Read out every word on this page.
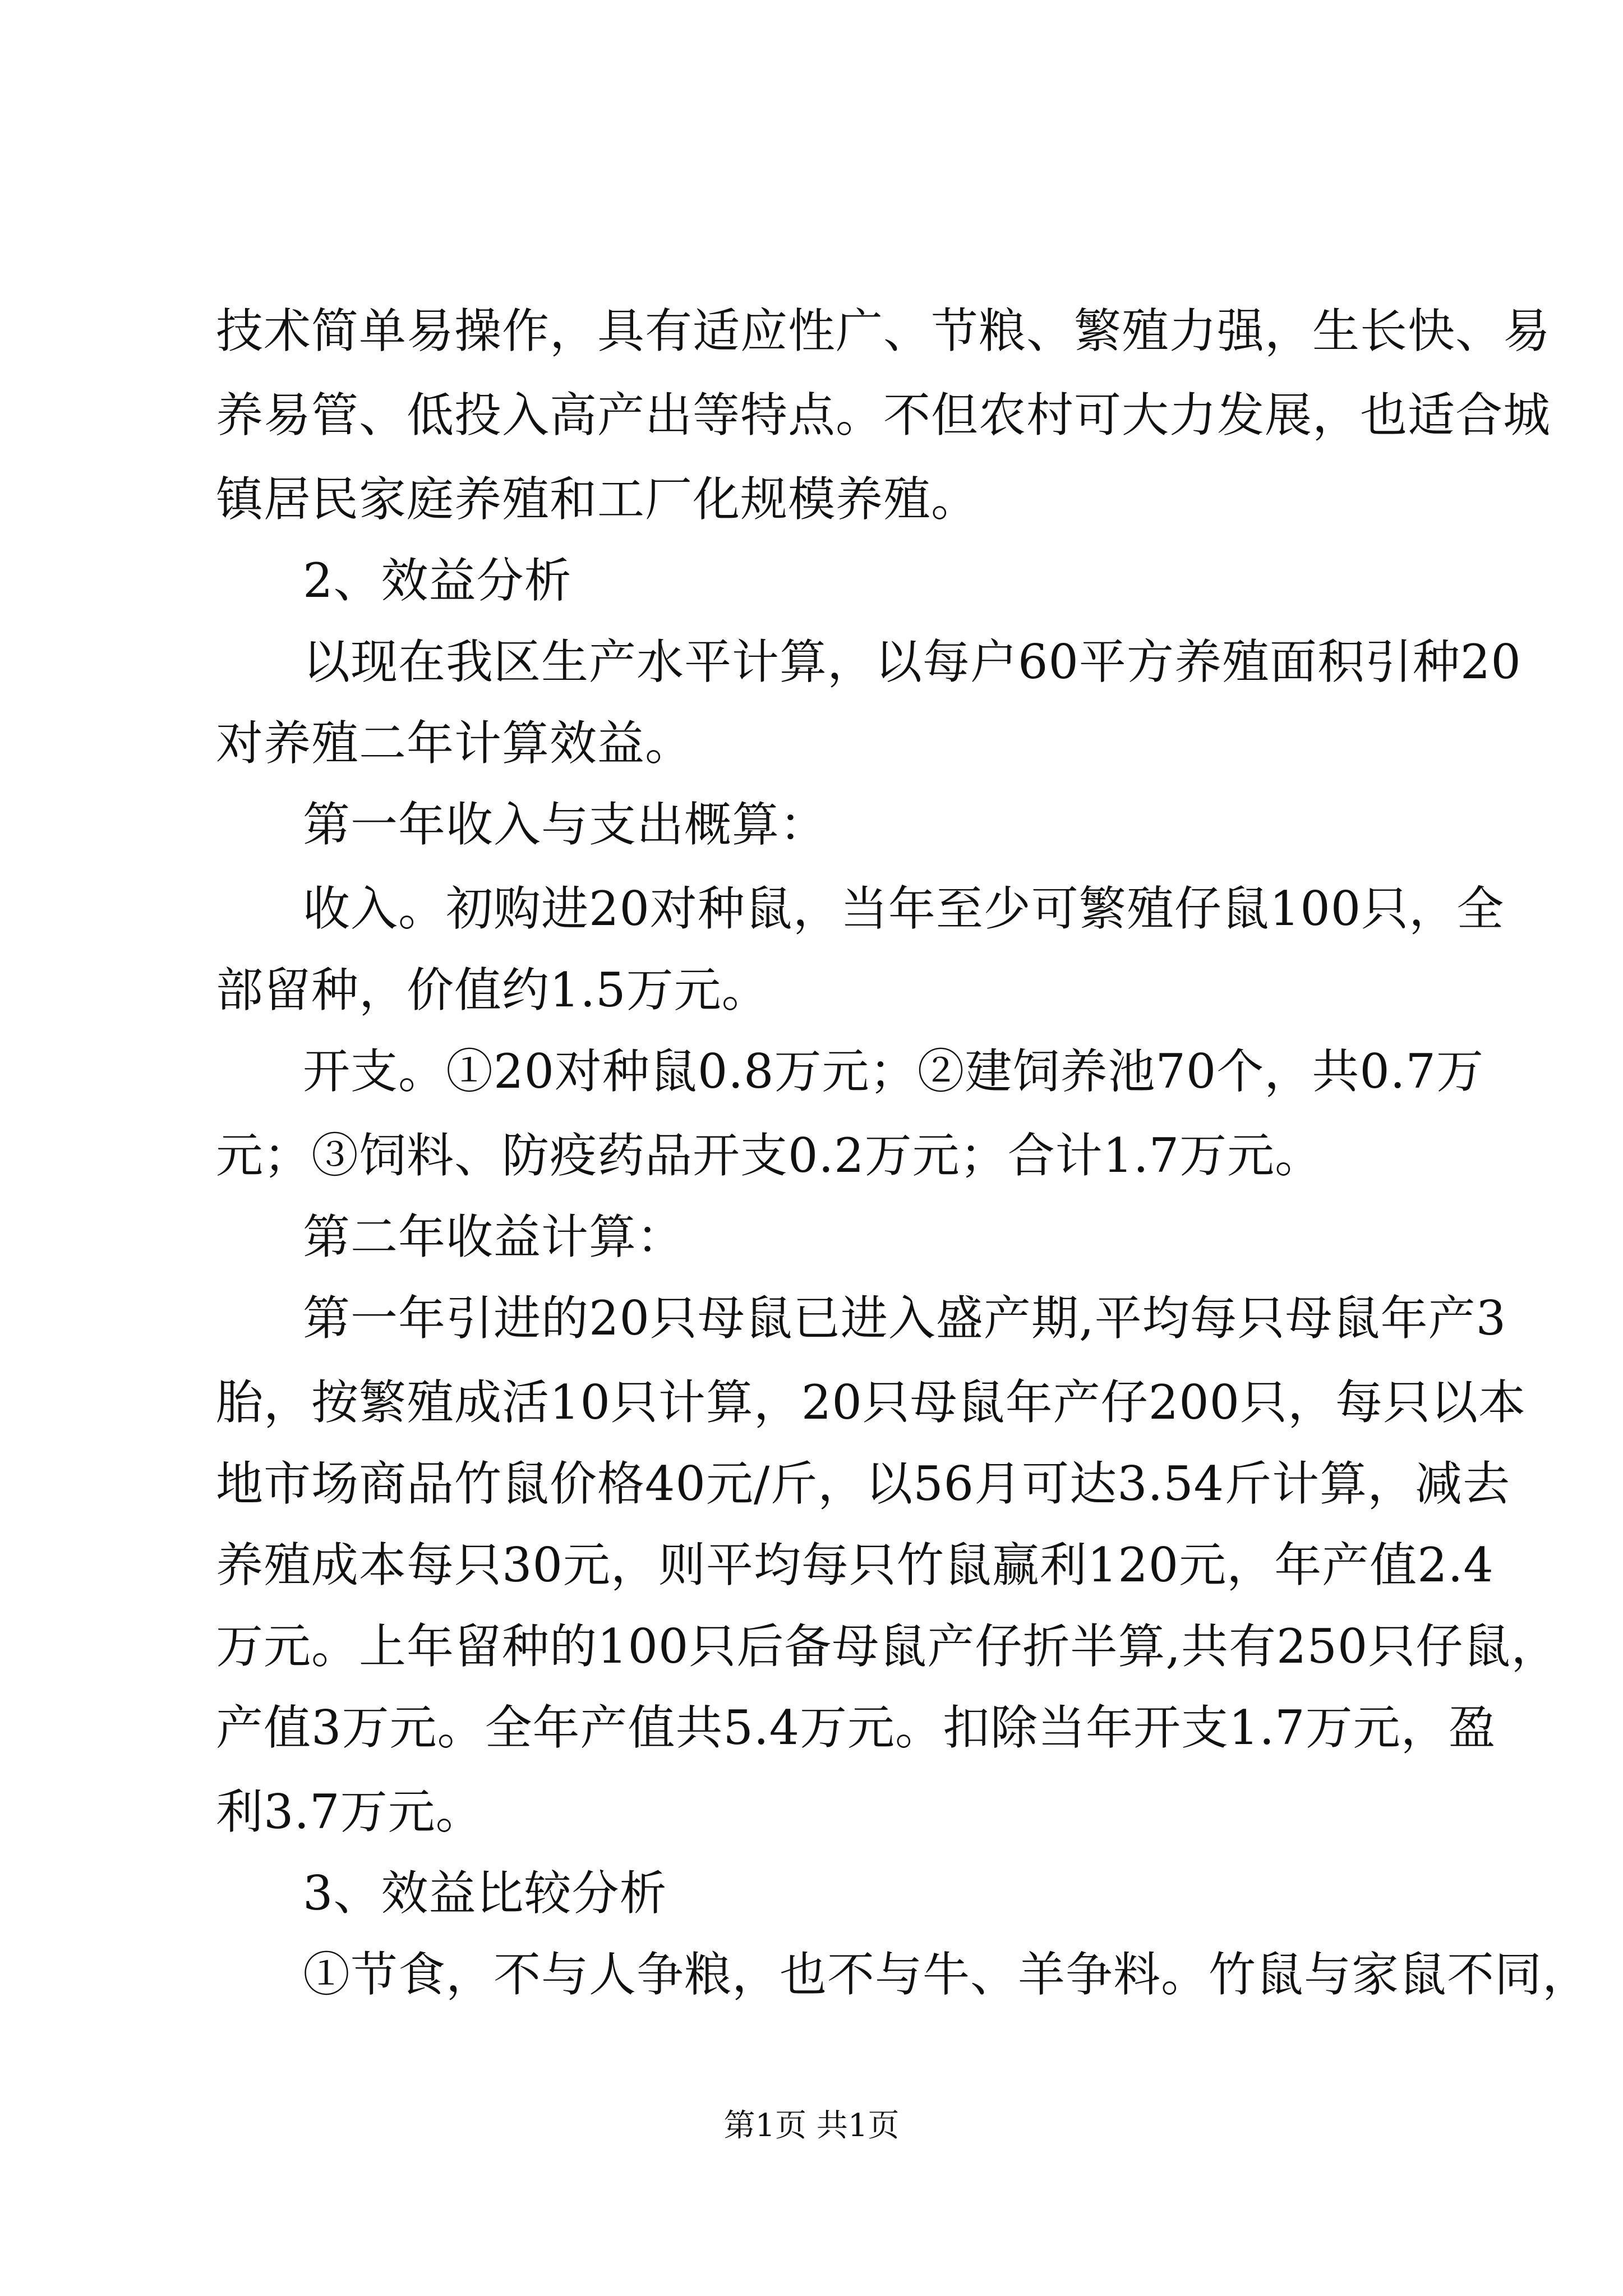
技术简单易操作，具有适应性广、节粮、繁殖力强，生长快、易
养易管、低投入高产出等特点。不但农村可大力发展，也适合城
镇居民家庭养殖和工厂化规模养殖。
2、效益分析
以现在我区生产水平计算，以每户60平方养殖面积引种20
对养殖二年计算效益。
第一年收入与支出概算：
收入。初购进20对种鼠，当年至少可繁殖仔鼠100只，全
部留种，价值约1.5万元。
开支。①20对种鼠0.8万元；②建饲养池70个，共0.7万
元；③饲料、防疫药品开支0.2万元；合计1.7万元。
第二年收益计算：
第一年引进的20只母鼠已进入盛产期,平均每只母鼠年产3
胎，按繁殖成活10只计算，20只母鼠年产仔200只，每只以本
地市场商品竹鼠价格40元/斤，以56月可达3.54斤计算，减去
养殖成本每只30元，则平均每只竹鼠赢利120元，年产值2.4
万元。上年留种的100只后备母鼠产仔折半算,共有250只仔鼠，
产值3万元。全年产值共5.4万元。扣除当年开支1.7万元，盈
利3.7万元。
3、效益比较分析
①节食，不与人争粮，也不与牛、羊争料。竹鼠与家鼠不同，
第1页 共1页
